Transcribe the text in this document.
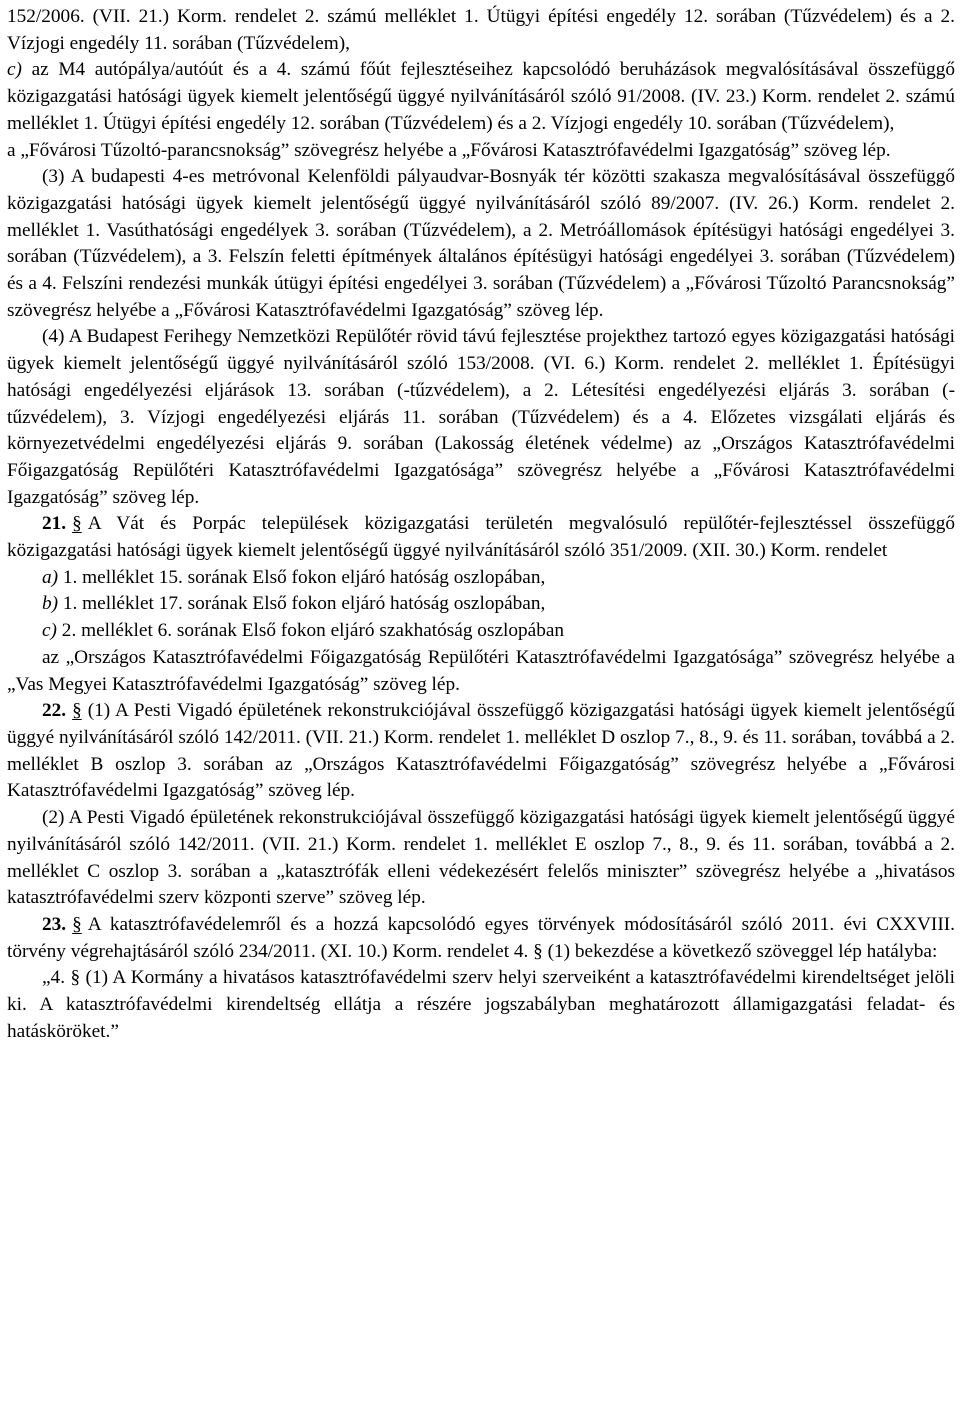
152/2006. (VII. 21.) Korm. rendelet 2. számú melléklet 1. Útügyi építési engedély 12. sorában (Tűzvédelem) és a 2. Vízjogi engedély 11. sorában (Tűzvédelem),

c) az M4 autópálya/autóút és a 4. számú főút fejlesztéseihez kapcsolódó beruházások megvalósításával összefüggő közigazgatási hatósági ügyek kiemelt jelentőségű üggyé nyilvánításáról szóló 91/2008. (IV. 23.) Korm. rendelet 2. számú melléklet 1. Útügyi építési engedély 12. sorában (Tűzvédelem) és a 2. Vízjogi engedély 10. sorában (Tűzvédelem),

a „Fővárosi Tűzoltó-parancsnokság” szövegrész helyébe a „Fővárosi Katasztrófavédelmi Igazgatóság” szöveg lép.

(3) A budapesti 4-es metróvonal Kelenföldi pályaudvar-Bosnyák tér közötti szakasza megvalósításával összefüggő közigazgatási hatósági ügyek kiemelt jelentőségű üggyé nyilvánításáról szóló 89/2007. (IV. 26.) Korm. rendelet 2. melléklet 1. Vasúthatósági engedélyek 3. sorában (Tűzvédelem), a 2. Metróállomások építésügyi hatósági engedélyei 3. sorában (Tűzvédelem), a 3. Felszín feletti építmények általános építésügyi hatósági engedélyei 3. sorában (Tűzvédelem) és a 4. Felszíni rendezési munkák útügyi építési engedélyei 3. sorában (Tűzvédelem) a „Fővárosi Tűzoltó Parancsnokság” szövegrész helyébe a „Fővárosi Katasztrófavédelmi Igazgatóság” szöveg lép.

(4) A Budapest Ferihegy Nemzetközi Repülőtér rövid távú fejlesztése projekthez tartozó egyes közigazgatási hatósági ügyek kiemelt jelentőségű üggyé nyilvánításáról szóló 153/2008. (VI. 6.) Korm. rendelet 2. melléklet 1. Építésügyi hatósági engedélyezési eljárások 13. sorában (-tűzvédelem), a 2. Létesítési engedélyezési eljárás 3. sorában (- tűzvédelem), 3. Vízjogi engedélyezési eljárás 11. sorában (Tűzvédelem) és a 4. Előzetes vizsgálati eljárás és környezetvédelmi engedélyezési eljárás 9. sorában (Lakosság életének védelme) az „Országos Katasztrófavédelmi Főigazgatóság Repülőtéri Katasztrófavédelmi Igazgatósága” szövegrész helyébe a „Fővárosi Katasztrófavédelmi Igazgatóság” szöveg lép.

21. § A Vát és Porpác települések közigazgatási területén megvalósuló repülőtér-fejlesztéssel összefüggő közigazgatási hatósági ügyek kiemelt jelentőségű üggyé nyilvánításáról szóló 351/2009. (XII. 30.) Korm. rendelet

a) 1. melléklet 15. sorának Első fokon eljáró hatóság oszlopában,

b) 1. melléklet 17. sorának Első fokon eljáró hatóság oszlopában,

c) 2. melléklet 6. sorának Első fokon eljáró szakhatóság oszlopában

az „Országos Katasztrófavédelmi Főigazgatóság Repülőtéri Katasztrófavédelmi Igazgatósága” szövegrész helyébe a „Vas Megyei Katasztrófavédelmi Igazgatóság” szöveg lép.

22. § (1) A Pesti Vigadó épületének rekonstrukciójával összefüggő közigazgatási hatósági ügyek kiemelt jelentőségű üggyé nyilvánításáról szóló 142/2011. (VII. 21.) Korm. rendelet 1. melléklet D oszlop 7., 8., 9. és 11. sorában, továbbá a 2. melléklet B oszlop 3. sorában az „Országos Katasztrófavédelmi Főigazgatóság” szövegrész helyébe a „Fővárosi Katasztrófavédelmi Igazgatóság” szöveg lép.

(2) A Pesti Vigadó épületének rekonstrukciójával összefüggő közigazgatási hatósági ügyek kiemelt jelentőségű üggyé nyilvánításáról szóló 142/2011. (VII. 21.) Korm. rendelet 1. melléklet E oszlop 7., 8., 9. és 11. sorában, továbbá a 2. melléklet C oszlop 3. sorában a „katasztrófák elleni védekezésért felelős miniszter” szövegrész helyébe a „hivatásos katasztrófavédelmi szerv központi szerve” szöveg lép.

23. § A katasztrófavédelemről és a hozzá kapcsolódó egyes törvények módosításáról szóló 2011. évi CXXVIII. törvény végrehajtásáról szóló 234/2011. (XI. 10.) Korm. rendelet 4. § (1) bekezdése a következő szöveggel lép hatályba:

„4. § (1) A Kormány a hivatásos katasztrófavédelmi szerv helyi szerveiként a katasztrófavédelmi kirendeltséget jelöli ki. A katasztrófavédelmi kirendeltség ellátja a részére jogszabályban meghatározott államigazgatási feladat- és hatásköröket.”
